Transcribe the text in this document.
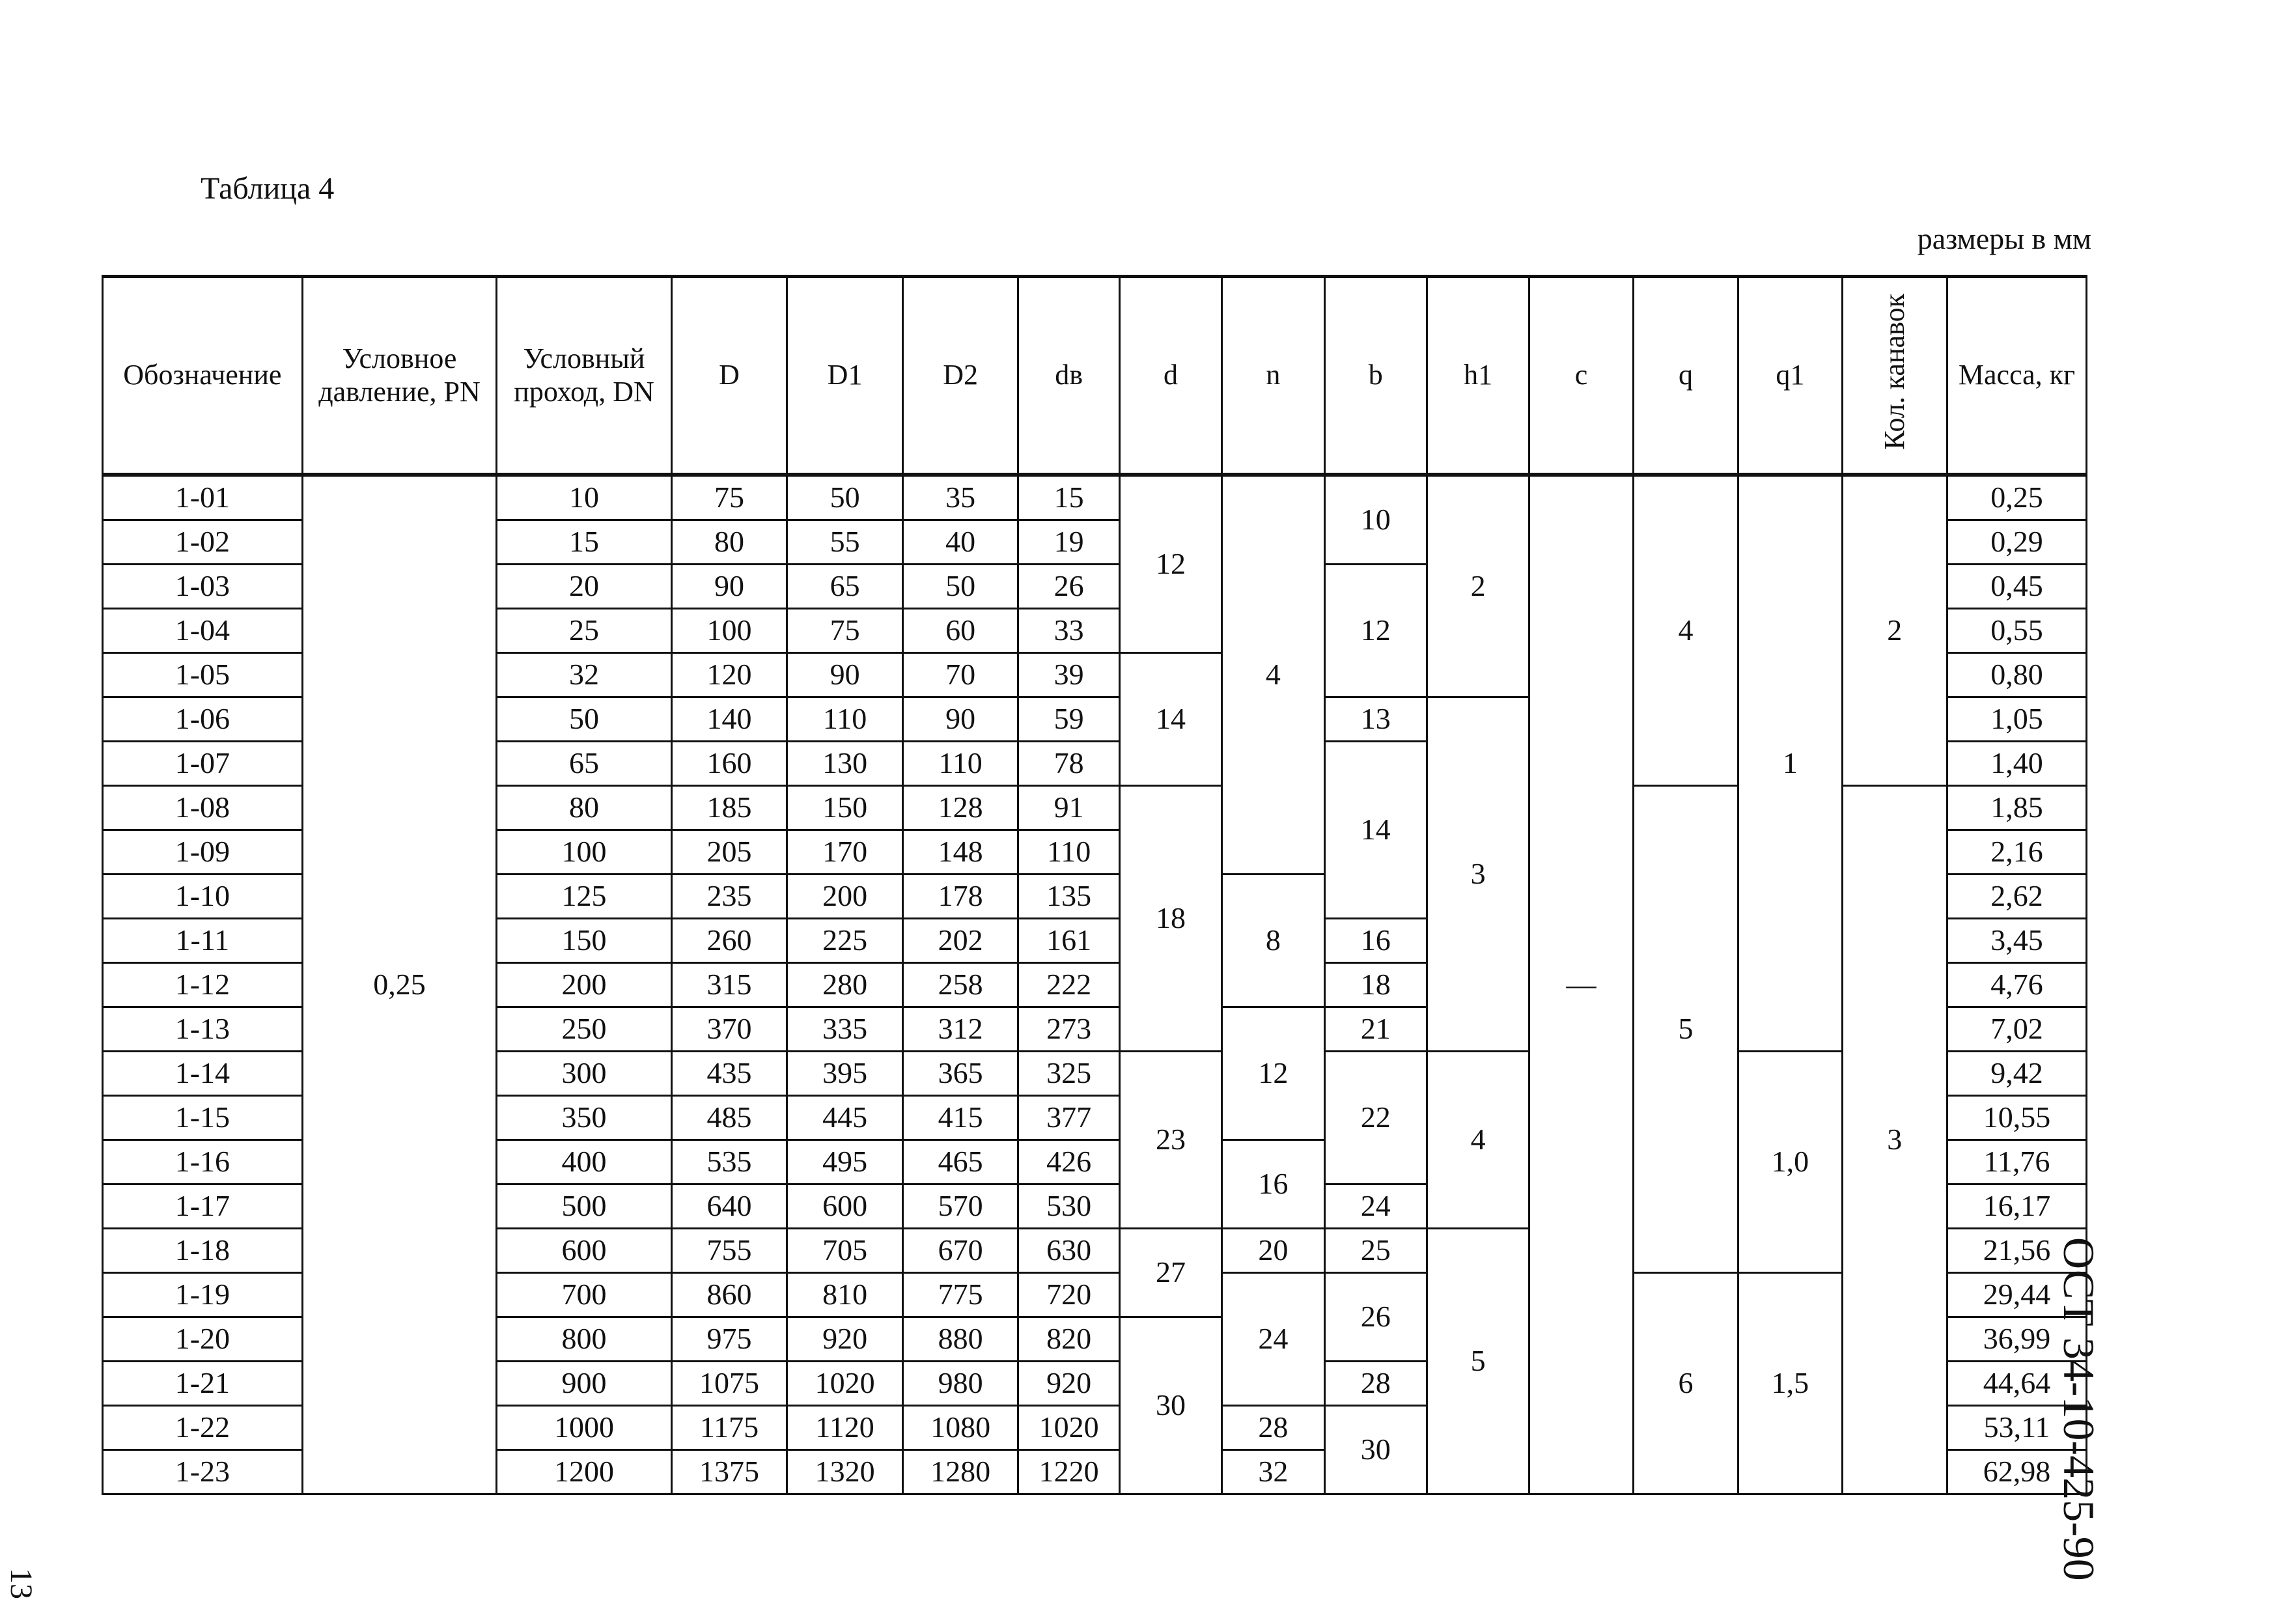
Таблица 4
размеры в мм
ОСТ 34-10-425-90
13
Обозначение	Условное давление, PN	Условный проход, DN	D	D1	D2	dв	d	n	b	h1	c	q	q1	Кол. канавок	Масса, кг
1-01	0,25	10	75	50	35	15	12	4	10	2	—	4	1	2	0,25
1-02		15	80	55	40	19									0,29
1-03		20	90	65	50	26			12						0,45
1-04		25	100	75	60	33									0,55
1-05		32	120	90	70	39	14								0,80
1-06		50	140	110	90	59			13	3					1,05
1-07		65	160	130	110	78			14						1,40
1-08		80	185	150	128	91	18					5		3	1,85
1-09		100	205	170	148	110									2,16
1-10		125	235	200	178	135		8							2,62
1-11		150	260	225	202	161			16						3,45
1-12		200	315	280	258	222			18						4,76
1-13		250	370	335	312	273		12	21						7,02
1-14		300	435	395	365	325	23		22	4			1,0		9,42
1-15		350	485	445	415	377									10,55
1-16		400	535	495	465	426		16							11,76
1-17		500	640	600	570	530			24						16,17
1-18		600	755	705	670	630	27	20	25	5					21,56
1-19		700	860	810	775	720		24	26			6	1,5		29,44
1-20		800	975	920	880	820	30								36,99
1-21		900	1075	1020	980	920			28						44,64
1-22		1000	1175	1120	1080	1020		28	30						53,11
1-23		1200	1375	1320	1280	1220		32							62,98
